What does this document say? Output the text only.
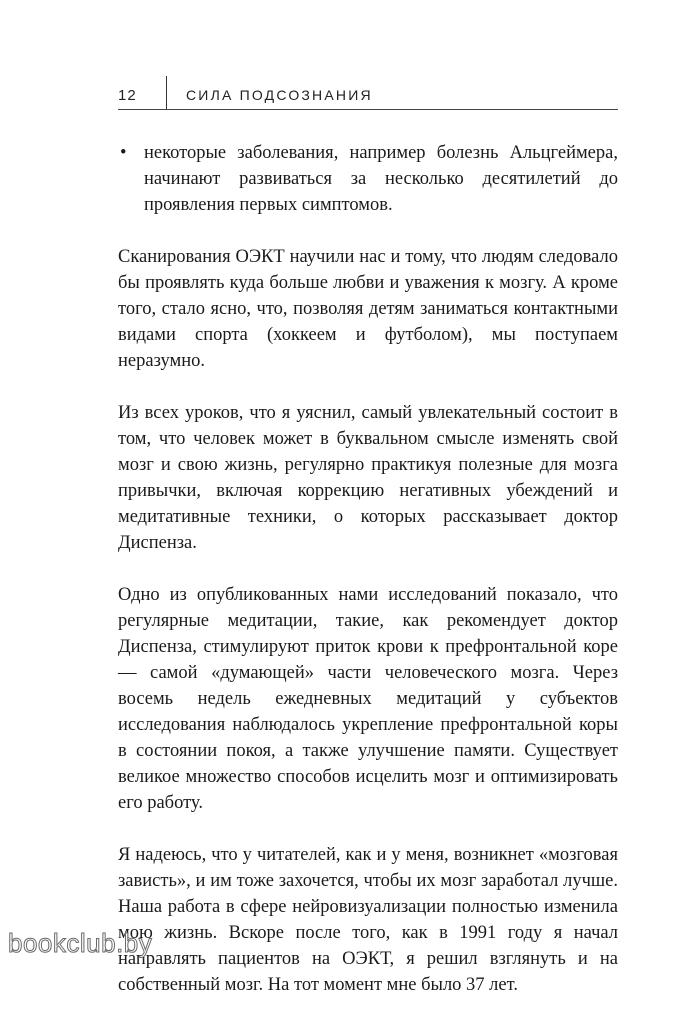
12	СИЛА ПОДСОЗНАНИЯ
• некоторые заболевания, например болезнь Альцгеймера, начинают развиваться за несколько десятилетий до проявления первых симптомов.

Сканирования ОЭКТ научили нас и тому, что людям следовало бы проявлять куда больше любви и уважения к мозгу. А кроме того, стало ясно, что, позволяя детям заниматься контактными видами спорта (хоккеем и футболом), мы поступаем неразумно.

Из всех уроков, что я уяснил, самый увлекательный состоит в том, что человек может в буквальном смысле изменять свой мозг и свою жизнь, регулярно практикуя полезные для мозга привычки, включая коррекцию негативных убеждений и медитативные техники, о которых рассказывает доктор Диспенза.

Одно из опубликованных нами исследований показало, что регулярные медитации, такие, как рекомендует доктор Диспенза, стимулируют приток крови к префронтальной коре — самой «думающей» части человеческого мозга. Через восемь недель ежедневных медитаций у субъектов исследования наблюдалось укрепление префронтальной коры в состоянии покоя, а также улучшение памяти. Существует великое множество способов исцелить мозг и оптимизировать его работу.

Я надеюсь, что у читателей, как и у меня, возникнет «мозговая зависть», и им тоже захочется, чтобы их мозг заработал лучше. Наша работа в сфере нейровизуализации полностью изменила мою жизнь. Вскоре после того, как в 1991 году я начал направлять пациентов на ОЭКТ, я решил взглянуть и на собственный мозг. На тот момент мне было 37 лет.

bookclub.by
